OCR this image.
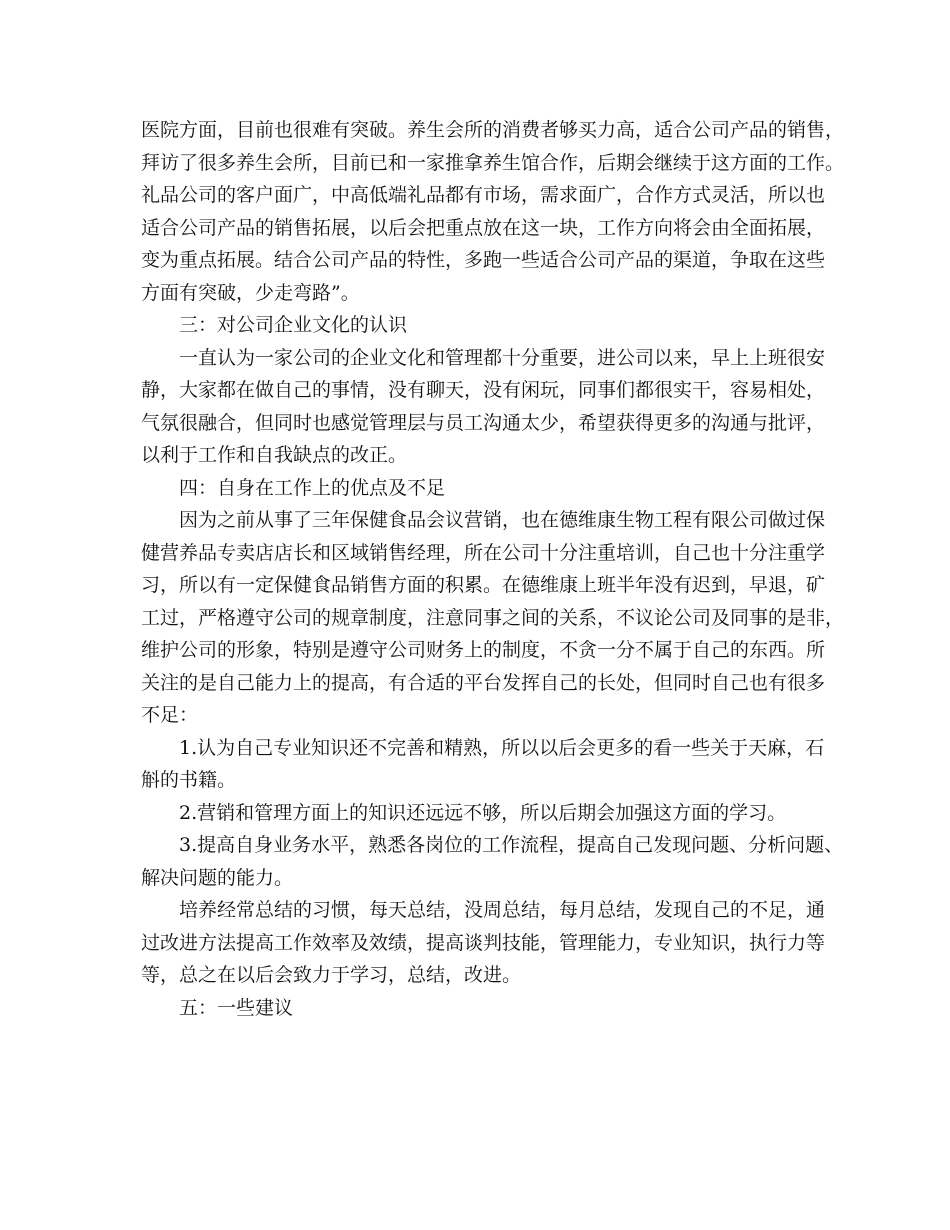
医院方面，目前也很难有突破。养生会所的消费者够买力高，适合公司产品的销售，
拜访了很多养生会所，目前已和一家推拿养生馆合作，后期会继续于这方面的工作。
礼品公司的客户面广，中高低端礼品都有市场，需求面广，合作方式灵活，所以也
适合公司产品的销售拓展，以后会把重点放在这一块，工作方向将会由全面拓展，
变为重点拓展。结合公司产品的特性，多跑一些适合公司产品的渠道，争取在这些
方面有突破，少走弯路”。
三：对公司企业文化的认识
一直认为一家公司的企业文化和管理都十分重要，进公司以来，早上上班很安
静，大家都在做自己的事情，没有聊天，没有闲玩，同事们都很实干，容易相处，
气氛很融合，但同时也感觉管理层与员工沟通太少，希望获得更多的沟通与批评，
以利于工作和自我缺点的改正。
四：自身在工作上的优点及不足
因为之前从事了三年保健食品会议营销，也在德维康生物工程有限公司做过保
健营养品专卖店店长和区域销售经理，所在公司十分注重培训，自己也十分注重学
习，所以有一定保健食品销售方面的积累。在德维康上班半年没有迟到，早退，矿
工过，严格遵守公司的规章制度，注意同事之间的关系，不议论公司及同事的是非，
维护公司的形象，特别是遵守公司财务上的制度，不贪一分不属于自己的东西。所
关注的是自己能力上的提高，有合适的平台发挥自己的长处，但同时自己也有很多
不足：
1.认为自己专业知识还不完善和精熟，所以以后会更多的看一些关于天麻，石
斛的书籍。
2.营销和管理方面上的知识还远远不够，所以后期会加强这方面的学习。
3.提高自身业务水平，熟悉各岗位的工作流程，提高自己发现问题、分析问题、
解决问题的能力。
培养经常总结的习惯，每天总结，没周总结，每月总结，发现自己的不足，通
过改进方法提高工作效率及效绩，提高谈判技能，管理能力，专业知识，执行力等
等，总之在以后会致力于学习，总结，改进。
五：一些建议
